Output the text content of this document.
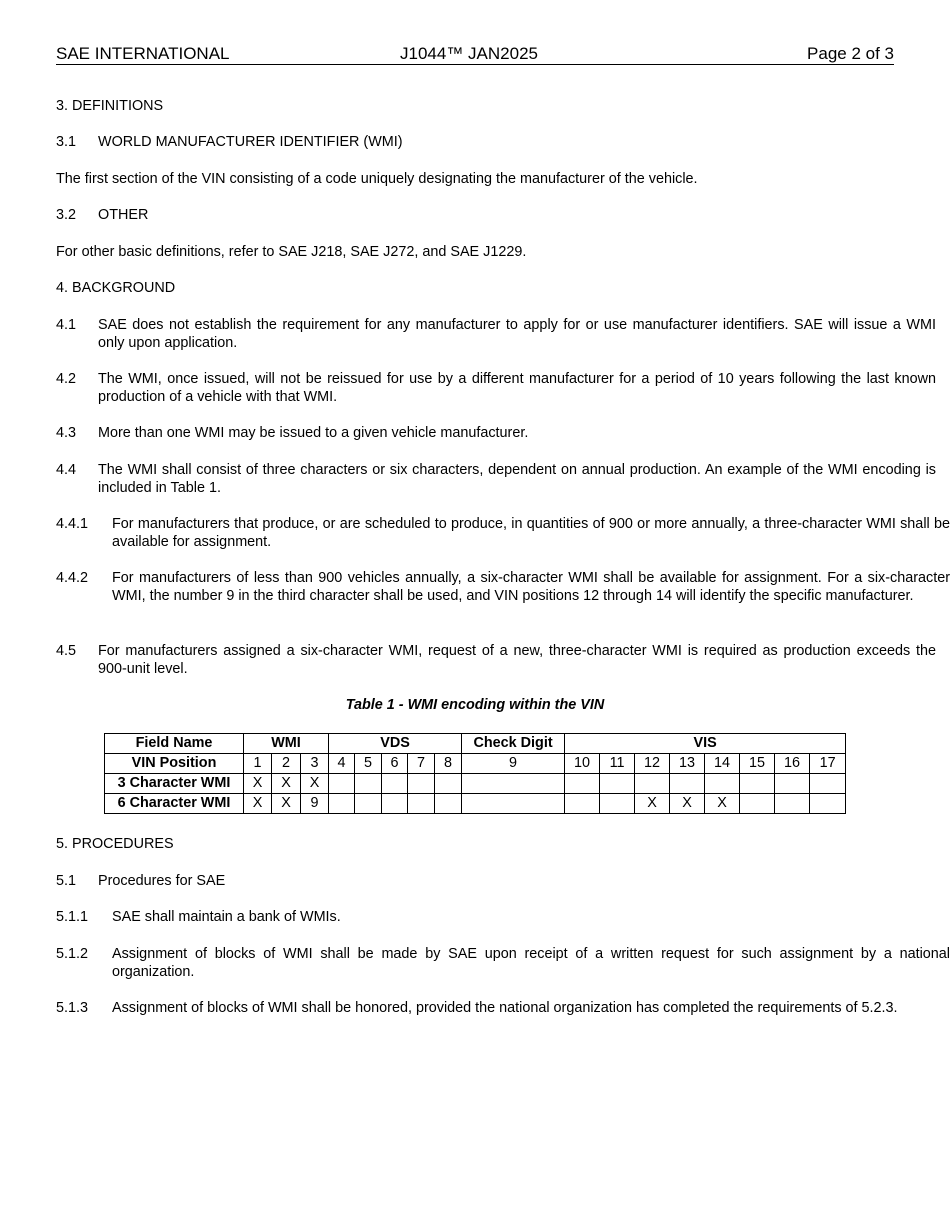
SAE INTERNATIONAL	J1044™ JAN2025	Page 2 of 3
3. DEFINITIONS
3.1 WORLD MANUFACTURER IDENTIFIER (WMI)
The first section of the VIN consisting of a code uniquely designating the manufacturer of the vehicle.
3.2 OTHER
For other basic definitions, refer to SAE J218, SAE J272, and SAE J1229.
4. BACKGROUND
4.1 SAE does not establish the requirement for any manufacturer to apply for or use manufacturer identifiers. SAE will issue a WMI only upon application.
4.2 The WMI, once issued, will not be reissued for use by a different manufacturer for a period of 10 years following the last known production of a vehicle with that WMI.
4.3 More than one WMI may be issued to a given vehicle manufacturer.
4.4 The WMI shall consist of three characters or six characters, dependent on annual production. An example of the WMI encoding is included in Table 1.
4.4.1 For manufacturers that produce, or are scheduled to produce, in quantities of 900 or more annually, a three-character WMI shall be available for assignment.
4.4.2 For manufacturers of less than 900 vehicles annually, a six-character WMI shall be available for assignment. For a six-character WMI, the number 9 in the third character shall be used, and VIN positions 12 through 14 will identify the specific manufacturer.
4.5 For manufacturers assigned a six-character WMI, request of a new, three-character WMI is required as production exceeds the 900-unit level.
Table 1 - WMI encoding within the VIN
Field Name	WMI			VDS					Check Digit	VIS							
VIN Position	1	2	3	4	5	6	7	8	9	10	11	12	13	14	15	16	17
3 Character WMI	X	X	X														
6 Character WMI	X	X	9									X	X	X			
5. PROCEDURES
5.1 Procedures for SAE
5.1.1 SAE shall maintain a bank of WMIs.
5.1.2 Assignment of blocks of WMI shall be made by SAE upon receipt of a written request for such assignment by a national organization.
5.1.3 Assignment of blocks of WMI shall be honored, provided the national organization has completed the requirements of 5.2.3.
